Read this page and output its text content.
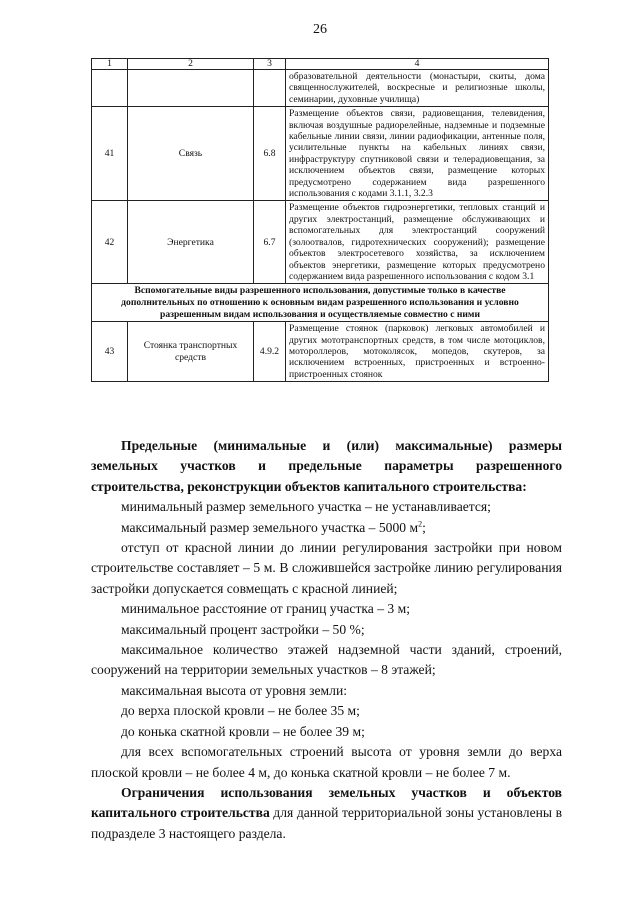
26
1	2	3	4
			образовательной деятельности (монастыри, скиты, дома священнослужителей, воскресные и религиозные школы, семинарии, духовные училища)
41	Связь	6.8	Размещение объектов связи, радиовещания, телевидения, включая воздушные радиорелейные, надземные и подземные кабельные линии связи, линии радиофикации, антенные поля, усилительные пункты на кабельных линиях связи, инфраструктуру спутниковой связи и телерадиовещания, за исключением объектов связи, размещение которых предусмотрено содержанием вида разрешенного использования с кодами 3.1.1, 3.2.3
42	Энергетика	6.7	Размещение объектов гидроэнергетики, тепловых станций и других электростанций, размещение обслуживающих и вспомогательных для электростанций сооружений (золоотвалов, гидротехнических сооружений); размещение объектов электросетевого хозяйства, за исключением объектов энергетики, размещение которых предусмотрено содержанием вида разрешенного использования с кодом 3.1
Вспомогательные виды разрешенного использования, допустимые только в качестве дополнительных по отношению к основным видам разрешенного использования и условно разрешенным видам использования и осуществляемые совместно с ними			
43	Стоянка транспортных средств	4.9.2	Размещение стоянок (парковок) легковых автомобилей и других мототранспортных средств, в том числе мотоциклов, мотороллеров, мотоколясок, мопедов, скутеров, за исключением встроенных, пристроенных и встроенно-пристроенных стоянок

Предельные (минимальные и (или) максимальные) размеры земельных участков и предельные параметры разрешенного строительства, реконструкции объектов капитального строительства:

минимальный размер земельного участка – не устанавливается;

максимальный размер земельного участка – 5000 $м^2$;

отступ от красной линии до линии регулирования застройки при новом строительстве составляет – 5 м. В сложившейся застройке линию регулирования застройки допускается совмещать с красной линией;

минимальное расстояние от границ участка – 3 м;

максимальный процент застройки – 50 %;

максимальное количество этажей надземной части зданий, строений, сооружений на территории земельных участков – 8 этажей;

максимальная высота от уровня земли:

до верха плоской кровли – не более 35 м;

до конька скатной кровли – не более 39 м;

для всех вспомогательных строений высота от уровня земли до верха плоской кровли – не более 4 м, до конька скатной кровли – не более 7 м.

Ограничения использования земельных участков и объектов капитального строительства для данной территориальной зоны установлены в подразделе 3 настоящего раздела.
